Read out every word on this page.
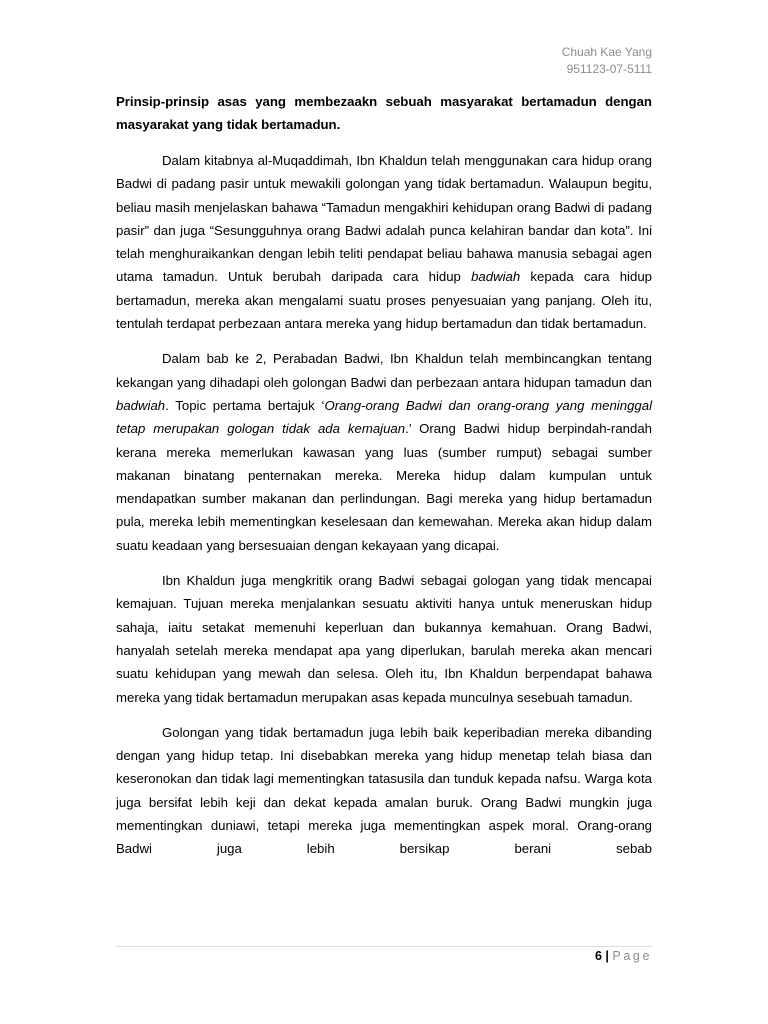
Chuah Kae Yang
951123-07-5111

Prinsip-prinsip asas yang membezaakn sebuah masyarakat bertamadun dengan masyarakat yang tidak bertamadun.

Dalam kitabnya al-Muqaddimah, Ibn Khaldun telah menggunakan cara hidup orang Badwi di padang pasir untuk mewakili golongan yang tidak bertamadun. Walaupun begitu, beliau masih menjelaskan bahawa “Tamadun mengakhiri kehidupan orang Badwi di padang pasir” dan juga “Sesungguhnya orang Badwi adalah punca kelahiran bandar dan kota”. Ini telah menghuraikankan dengan lebih teliti pendapat beliau bahawa manusia sebagai agen utama tamadun. Untuk berubah daripada cara hidup badwiah kepada cara hidup bertamadun, mereka akan mengalami suatu proses penyesuaian yang panjang. Oleh itu, tentulah terdapat perbezaan antara mereka yang hidup bertamadun dan tidak bertamadun.

Dalam bab ke 2, Perabadan Badwi, Ibn Khaldun telah membincangkan tentang kekangan yang dihadapi oleh golongan Badwi dan perbezaan antara hidupan tamadun dan badwiah. Topic pertama bertajuk ‘Orang-orang Badwi dan orang-orang yang meninggal tetap merupakan gologan tidak ada kemajuan.’ Orang Badwi hidup berpindah-randah kerana mereka memerlukan kawasan yang luas (sumber rumput) sebagai sumber makanan binatang penternakan mereka. Mereka hidup dalam kumpulan untuk mendapatkan sumber makanan dan perlindungan. Bagi mereka yang hidup bertamadun pula, mereka lebih mementingkan keselesaan dan kemewahan. Mereka akan hidup dalam suatu keadaan yang bersesuaian dengan kekayaan yang dicapai.

Ibn Khaldun juga mengkritik orang Badwi sebagai gologan yang tidak mencapai kemajuan. Tujuan mereka menjalankan sesuatu aktiviti hanya untuk meneruskan hidup sahaja, iaitu setakat memenuhi keperluan dan bukannya kemahuan. Orang Badwi, hanyalah setelah mereka mendapat apa yang diperlukan, barulah mereka akan mencari suatu kehidupan yang mewah dan selesa. Oleh itu, Ibn Khaldun berpendapat bahawa mereka yang tidak bertamadun merupakan asas kepada munculnya sesebuah tamadun.

Golongan yang tidak bertamadun juga lebih baik keperibadian mereka dibanding dengan yang hidup tetap. Ini disebabkan mereka yang hidup menetap telah biasa dan keseronokan dan tidak lagi mementingkan tatasusila dan tunduk kepada nafsu. Warga kota juga bersifat lebih keji dan dekat kepada amalan buruk. Orang Badwi mungkin juga mementingkan duniawi, tetapi mereka juga mementingkan aspek moral. Orang-orang Badwi juga lebih bersikap berani sebab

6 | Page
